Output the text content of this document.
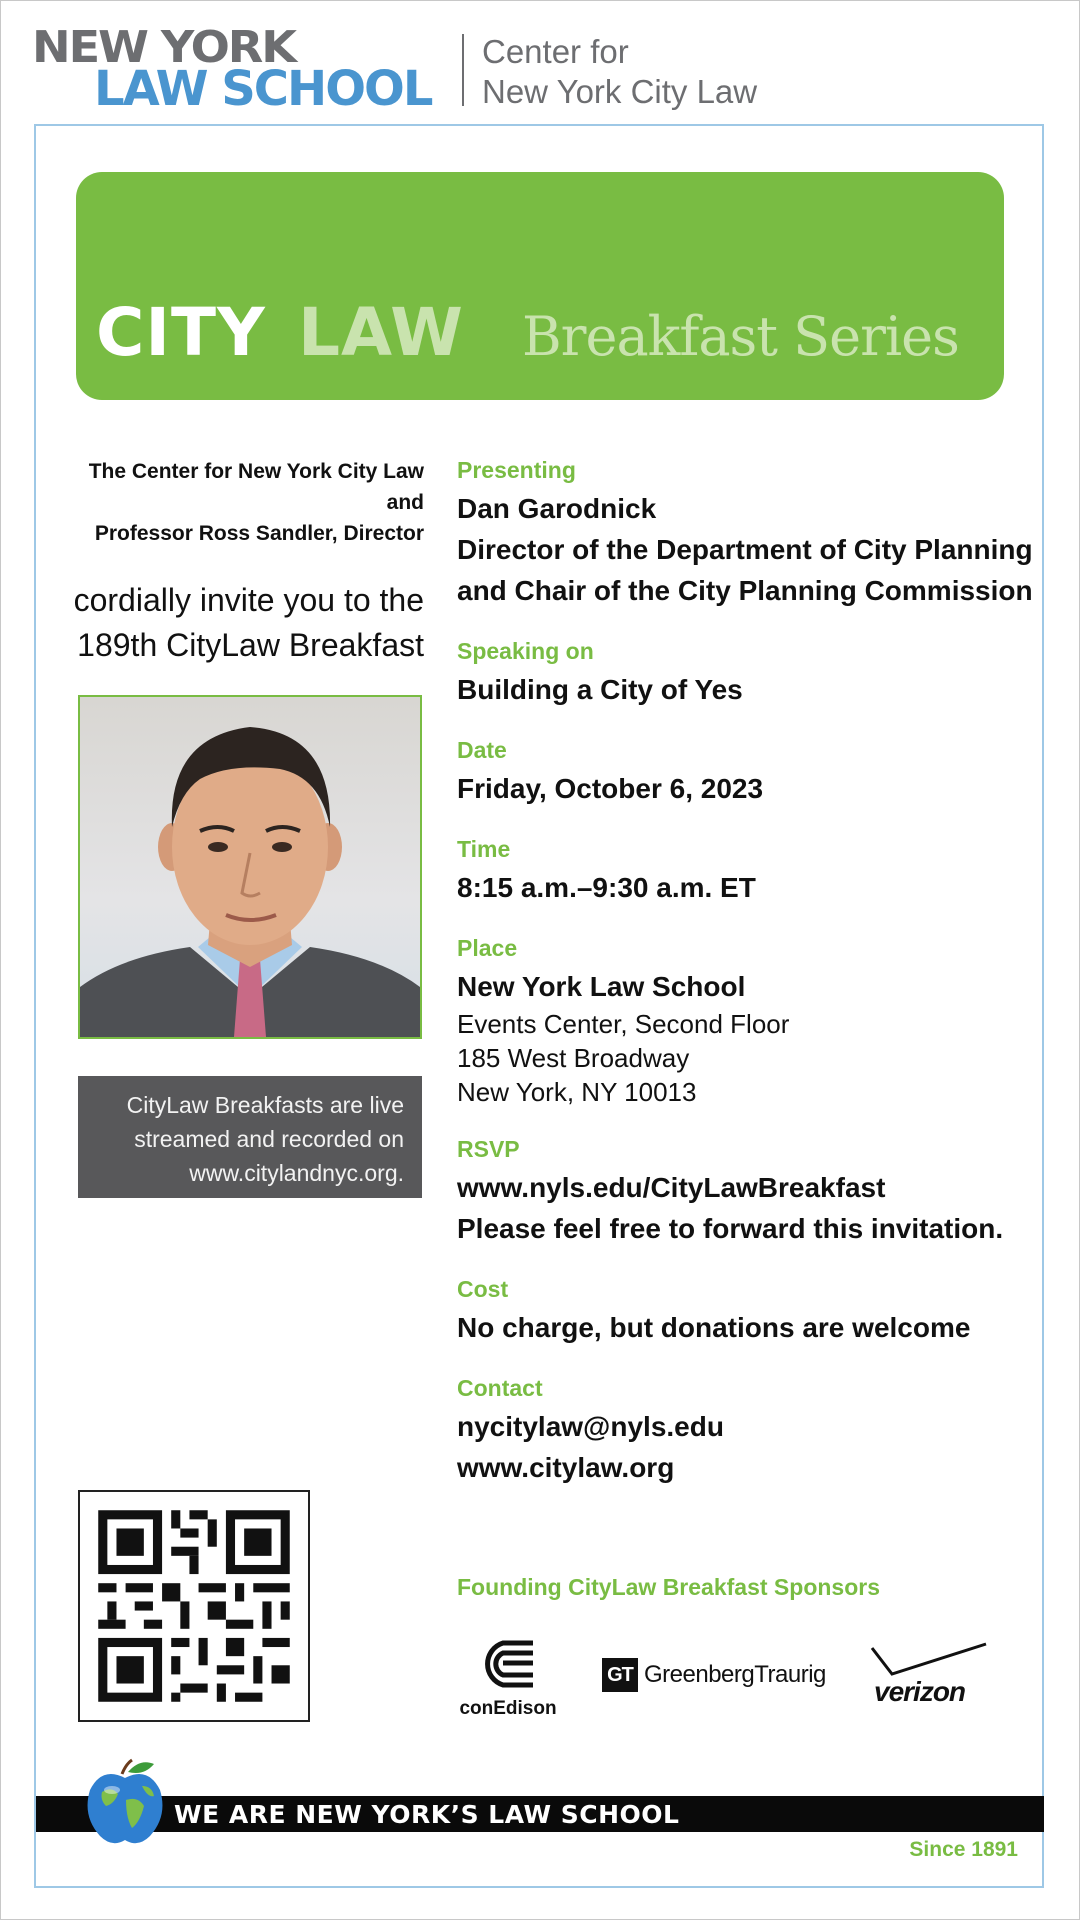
NEW YORK
LAW SCHOOL
Center for
New York City Law
CITY LAW Breakfast Series
The Center for New York City Law
and
Professor Ross Sandler, Director
cordially invite you to the
189th CityLaw Breakfast
CityLaw Breakfasts are live
streamed and recorded on
www.citylandnyc.org.
Presenting
Dan Garodnick
Director of the Department of City Planning
and Chair of the City Planning Commission
Speaking on
Building a City of Yes
Date
Friday, October 6, 2023
Time
8:15 a.m.–9:30 a.m. ET
Place
New York Law School
Events Center, Second Floor
185 West Broadway
New York, NY 10013
RSVP
www.nyls.edu/CityLawBreakfast
Please feel free to forward this invitation.
Cost
No charge, but donations are welcome
Contact
nycitylaw@nyls.edu
www.citylaw.org
Founding CityLaw Breakfast Sponsors
conEdison
GT GreenbergTraurig
verizon
WE ARE NEW YORK’S LAW SCHOOL
Since 1891
